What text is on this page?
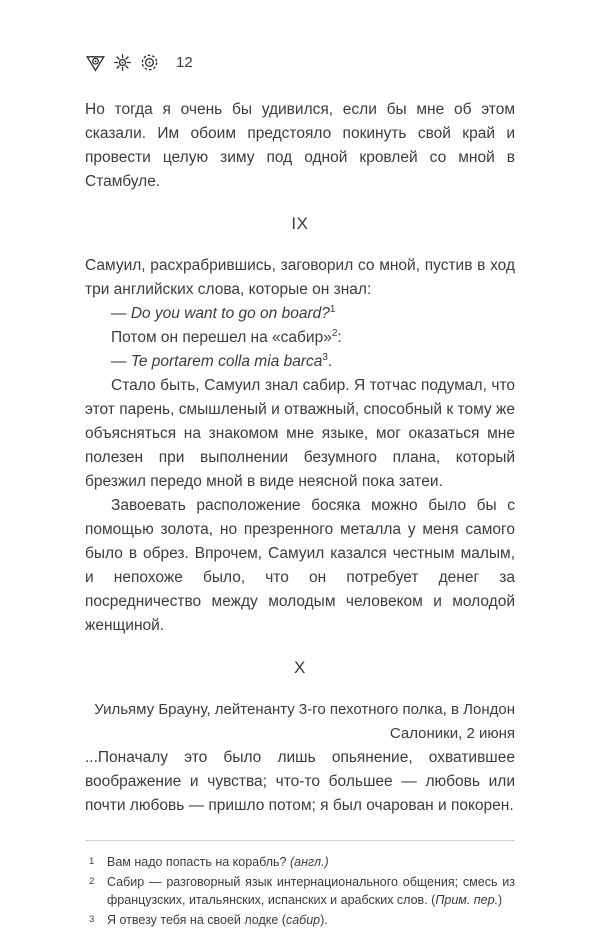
12

Но тогда я очень бы удивился, если бы мне об этом сказали. Им обоим предстояло покинуть свой край и провести целую зиму под одной кровлей со мной в Стамбуле.

IX

Самуил, расхрабрившись, заговорил со мной, пустив в ход три английских слова, которые он знал:

— Do you want to go on board?$^1$

Потом он перешел на «сабир»$^2$:

— Te portarem colla mia barca$^3$.

Стало быть, Самуил знал сабир. Я тотчас подумал, что этот парень, смышленый и отважный, способный к тому же объясняться на знакомом мне языке, мог оказаться мне полезен при выполнении безумного плана, который брезжил передо мной в виде неясной пока затеи.

Завоевать расположение босяка можно было бы с помощью золота, но презренного металла у меня самого было в обрез. Впрочем, Самуил казался честным малым, и непохоже было, что он потребует денег за посредничество между молодым человеком и молодой женщиной.

X

Уильяму Брауну, лейтенанту 3-го пехотного полка, в Лондон

Салоники, 2 июня

...Поначалу это было лишь опьянение, охватившее воображение и чувства; что-то большее — любовь или почти любовь — пришло потом; я был очарован и покорен.

1 Вам надо попасть на корабль? (англ.)
2 Сабир — разговорный язык интернационального общения; смесь из французских, итальянских, испанских и арабских слов. (Прим. пер.)
3 Я отвезу тебя на своей лодке (сабир).
